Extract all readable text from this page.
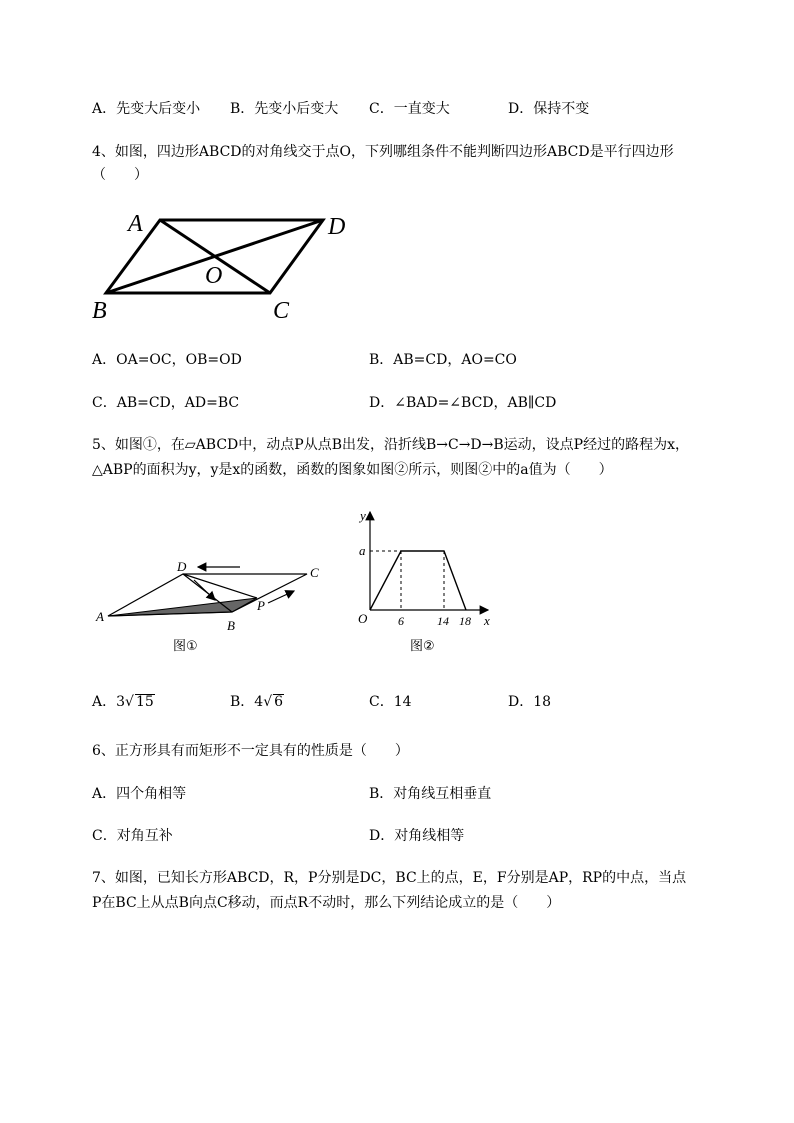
A．先变大后变小 B．先变小后变大 C．一直变大	D．保持不变
4、如图，四边形ABCD的对角线交于点O，下列哪组条件不能判断四边形ABCD是平行四边形
（　　）
A	D
O
B	C
A．OA=OC，OB=OD	B．AB=CD，AO=CO
C．AB=CD，AD=BC	D．∠BAD=∠BCD，AB∥CD
5、如图①，在▱ABCD中，动点P从点B出发，沿折线B→C→D→B运动，设点P经过的路程为x，
△ABP的面积为y，y是x的函数，函数的图象如图②所示，则图②中的a值为（　　）
A
B
C
D
P
图①
y
a
O	x
6	14 18
图②
A．3√ 15	B．4√ 6	C．14	D．18
6、正方形具有而矩形不一定具有的性质是（　　）
A．四个角相等	B．对角线互相垂直
C．对角互补	D．对角线相等
7、如图，已知长方形ABCD，R，P分别是DC，BC上的点，E，F分别是AP，RP的中点，当点
P在BC上从点B向点C移动，而点R不动时，那么下列结论成立的是（　　）
